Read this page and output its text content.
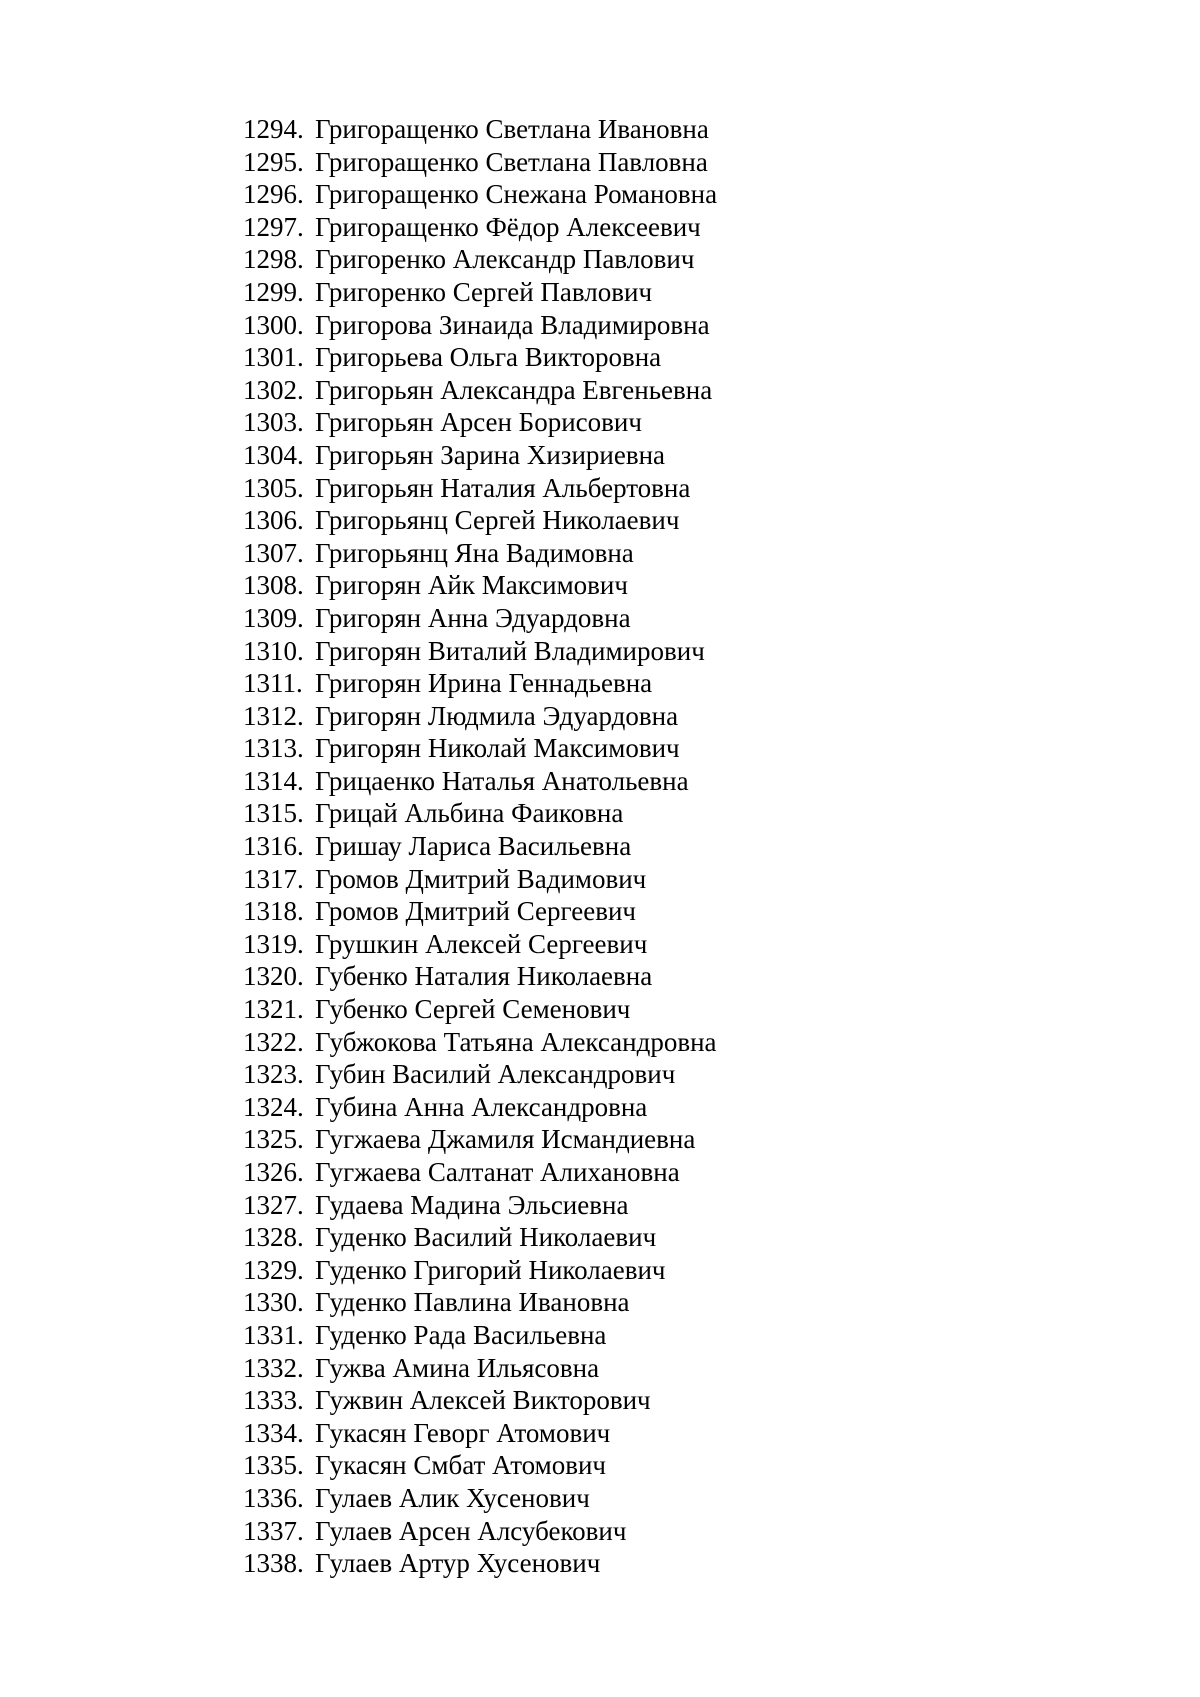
1294. Григоращенко Светлана Ивановна
1295. Григоращенко Светлана Павловна
1296. Григоращенко Снежана Романовна
1297. Григоращенко Фёдор Алексеевич
1298. Григоренко Александр Павлович
1299. Григоренко Сергей Павлович
1300. Григорова Зинаида Владимировна
1301. Григорьева Ольга Викторовна
1302. Григорьян Александра Евгеньевна
1303. Григорьян Арсен Борисович
1304. Григорьян Зарина Хизириевна
1305. Григорьян Наталия Альбертовна
1306. Григорьянц Сергей Николаевич
1307. Григорьянц Яна Вадимовна
1308. Григорян Айк Максимович
1309. Григорян Анна Эдуардовна
1310. Григорян Виталий Владимирович
1311. Григорян Ирина Геннадьевна
1312. Григорян Людмила Эдуардовна
1313. Григорян Николай Максимович
1314. Грицаенко Наталья Анатольевна
1315. Грицай Альбина Фаиковна
1316. Гришау Лариса Васильевна
1317. Громов Дмитрий Вадимович
1318. Громов Дмитрий Сергеевич
1319. Грушкин Алексей Сергеевич
1320. Губенко Наталия Николаевна
1321. Губенко Сергей Семенович
1322. Губжокова Татьяна Александровна
1323. Губин Василий Александрович
1324. Губина Анна Александровна
1325. Гугжаева Джамиля Исмандиевна
1326. Гугжаева Салтанат Алихановна
1327. Гудаева Мадина Эльсиевна
1328. Гуденко Василий Николаевич
1329. Гуденко Григорий Николаевич
1330. Гуденко Павлина Ивановна
1331. Гуденко Рада Васильевна
1332. Гужва Амина Ильясовна
1333. Гужвин Алексей Викторович
1334. Гукасян Геворг Атомович
1335. Гукасян Смбат Атомович
1336. Гулаев Алик Хусенович
1337. Гулаев Арсен Алсубекович
1338. Гулаев Артур Хусенович
